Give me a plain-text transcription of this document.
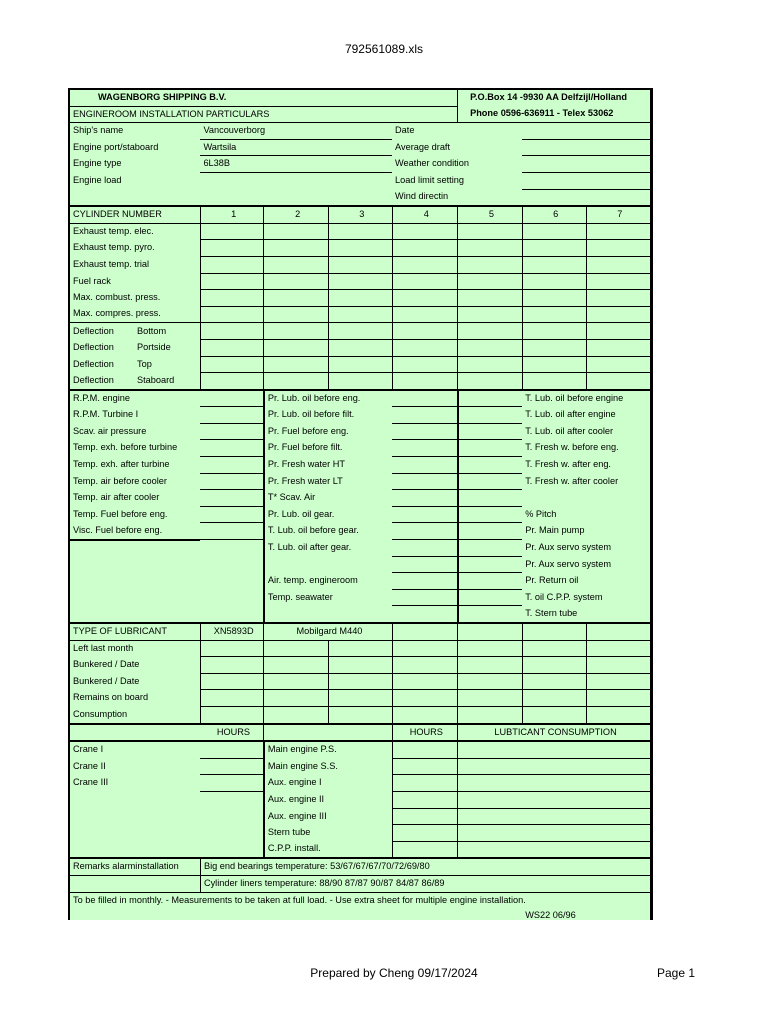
792561089.xls
WAGENBORG SHIPPING B.V.					P.O.Box 14 -9930 AA Delfzijl/Holland		
ENGINEROOM INSTALLATION PARTICULARS					Phone 0596-636911 - Telex 53062		
Ship's name	Vancouverborg			Date			
Engine port/staboard	Wartsila			Average draft			
Engine type	6L38B			Weather condition			
Engine load				Load limit setting			
				Wind directin			
CYLINDER NUMBER	1	2	3	4	5	6	7
Exhaust temp. elec.							
Exhaust temp. pyro.							
Exhaust temp. trial							
Fuel rack							
Max. combust. press.							
Max. compres. press.							
Deflection Bottom							
Deflection Portside							
Deflection Top							
Deflection Staboard							
R.P.M. engine		Pr. Lub. oil before eng.				T. Lub. oil before engine	
R.P.M. Turbine I		Pr. Lub. oil before filt.				T. Lub. oil after engine	
Scav. air pressure		Pr. Fuel before eng.				T. Lub. oil after cooler	
Temp. exh. before turbine		Pr. Fuel before filt.				T. Fresh w. before eng.	
Temp. exh. after turbine		Pr. Fresh water HT				T. Fresh w. after eng.	
Temp. air before cooler		Pr. Fresh water LT				T. Fresh w. after cooler	
Temp. air after cooler		T* Scav. Air					
Temp. Fuel before eng.		Pr. Lub. oil gear.				% Pitch	
Visc. Fuel before eng.		T. Lub. oil before gear.				Pr. Main pump	
		T. Lub. oil after gear.				Pr. Aux servo system	
						Pr. Aux servo system	
		Air. temp. engineroom				Pr. Return oil	
		Temp. seawater				T. oil C.P.P. system	
						T. Stern tube	
TYPE OF LUBRICANT	XN5893D	Mobilgard M440					
Left last month							
Bunkered / Date							
Bunkered / Date							
Remains on board							
Consumption							
	HOURS			HOURS	LUBTICANT CONSUMPTION		
Crane I		Main engine P.S.					
Crane II		Main engine S.S.					
Crane III		Aux. engine I					
		Aux. engine II					
		Aux. engine III					
		Stern tube					
		C.P.P. install.					
Remarks alarminstallation	Big end bearings temperature: 53/67/67/67/70/72/69/80						
	Cylinder liners temperature: 88/90 87/87 90/87 84/87 86/89						
To be filled in monthly. - Measurements to be taken at full load. - Use extra sheet for multiple engine installation.							
						WS22 06/96	
Prepared by Cheng 09/17/2024	Page 1
